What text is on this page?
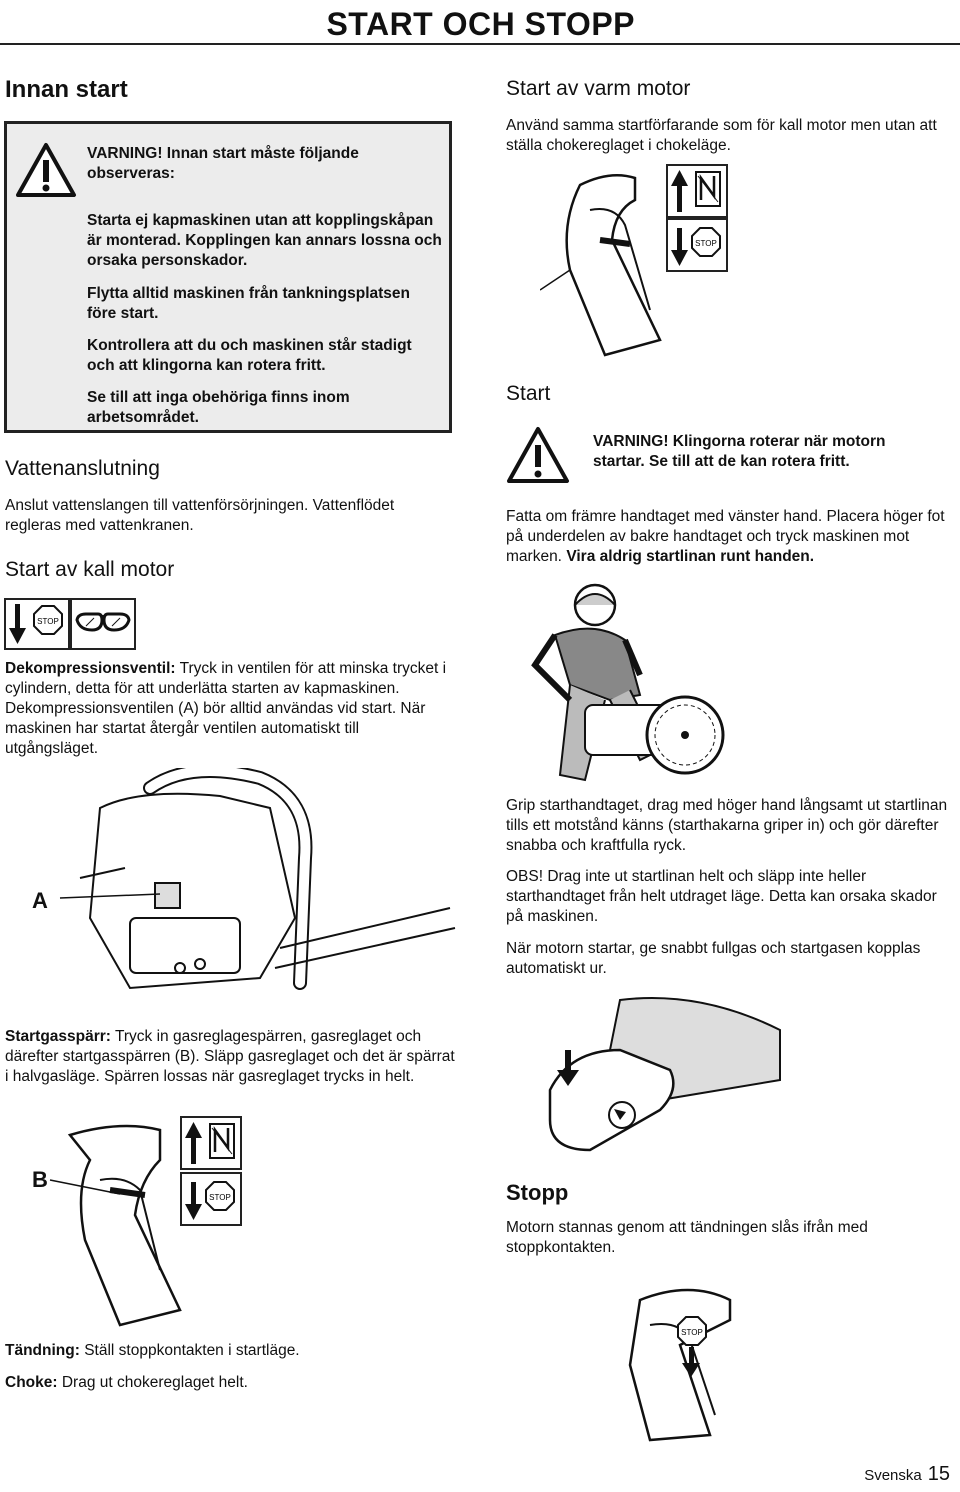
START OCH STOPP
Innan start
VARNING! Innan start måste följande observeras:
Starta ej kapmaskinen utan att kopplingskåpan är monterad. Kopplingen kan annars lossna och orsaka personskador.
Flytta alltid maskinen från tankningsplatsen före start.
Kontrollera att du och maskinen står stadigt och att klingorna kan rotera fritt.
Se till att inga obehöriga finns inom arbetsområdet.
Vattenanslutning
Anslut vattenslangen till vattenförsörjningen. Vattenflödet regleras med vattenkranen.
Start av kall motor
STOP
Dekompressionsventil: Tryck in ventilen för att minska trycket i cylindern, detta för att underlätta starten av kapmaskinen. Dekompressionsventilen (A) bör alltid användas vid start. När maskinen har startat återgår ventilen automatiskt till utgångsläget.
A
Startgasspärr: Tryck in gasreglagespärren, gasreglaget och därefter startgasspärren (B). Släpp gasreglaget och det är spärrat i halvgasläge. Spärren lossas när gasreglaget trycks in helt.
B
STOP
Tändning: Ställ stoppkontakten i startläge.
Choke: Drag ut chokereglaget helt.
Start av varm motor
Använd samma startförfarande som för kall motor men utan att ställa chokereglaget i chokeläge.
STOP
Start
VARNING! Klingorna roterar när motorn startar. Se till att de kan rotera fritt.
Fatta om främre handtaget med vänster hand. Placera höger fot på underdelen av bakre handtaget och tryck maskinen mot marken. Vira aldrig startlinan runt handen.
Grip starthandtaget, drag med höger hand långsamt ut startlinan tills ett motstånd känns (starthakarna griper in) och gör därefter snabba och kraftfulla ryck.
OBS! Drag inte ut startlinan helt och släpp inte heller starthandtaget från helt utdraget läge. Detta kan orsaka skador på maskinen.
När motorn startar, ge snabbt fullgas och startgasen kopplas automatiskt ur.
Stopp
Motorn stannas genom att tändningen slås ifrån med stoppkontakten.
STOP
Svenska 15
